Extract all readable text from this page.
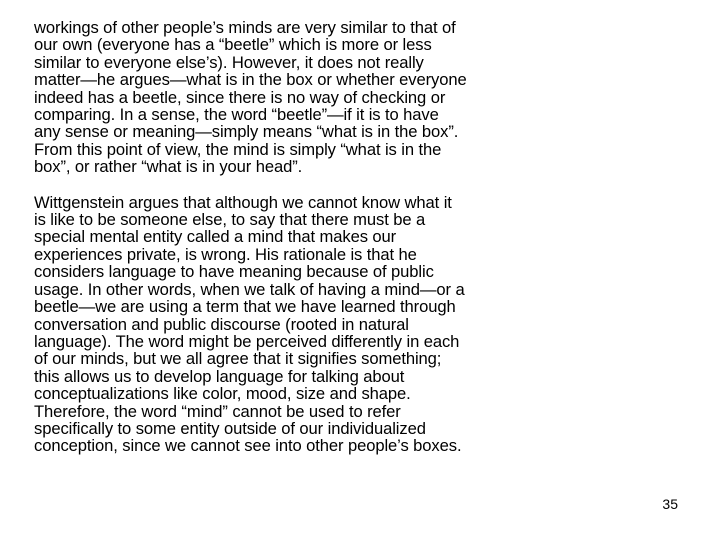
workings of other people’s minds are very similar to that of
our own (everyone has a “beetle” which is more or less
similar to everyone else’s). However, it does not really
matter—he argues—what is in the box or whether everyone
indeed has a beetle, since there is no way of checking or
comparing. In a sense, the word “beetle”—if it is to have
any sense or meaning—simply means “what is in the box”.
From this point of view, the mind is simply “what is in the
box”, or rather “what is in your head”.

Wittgenstein argues that although we cannot know what it
is like to be someone else, to say that there must be a
special mental entity called a mind that makes our
experiences private, is wrong. His rationale is that he
considers language to have meaning because of public
usage. In other words, when we talk of having a mind—or a
beetle—we are using a term that we have learned through
conversation and public discourse (rooted in natural
language). The word might be perceived differently in each
of our minds, but we all agree that it signifies something;
this allows us to develop language for talking about
conceptualizations like color, mood, size and shape.
Therefore, the word “mind” cannot be used to refer
specifically to some entity outside of our individualized
conception, since we cannot see into other people’s boxes.

35
